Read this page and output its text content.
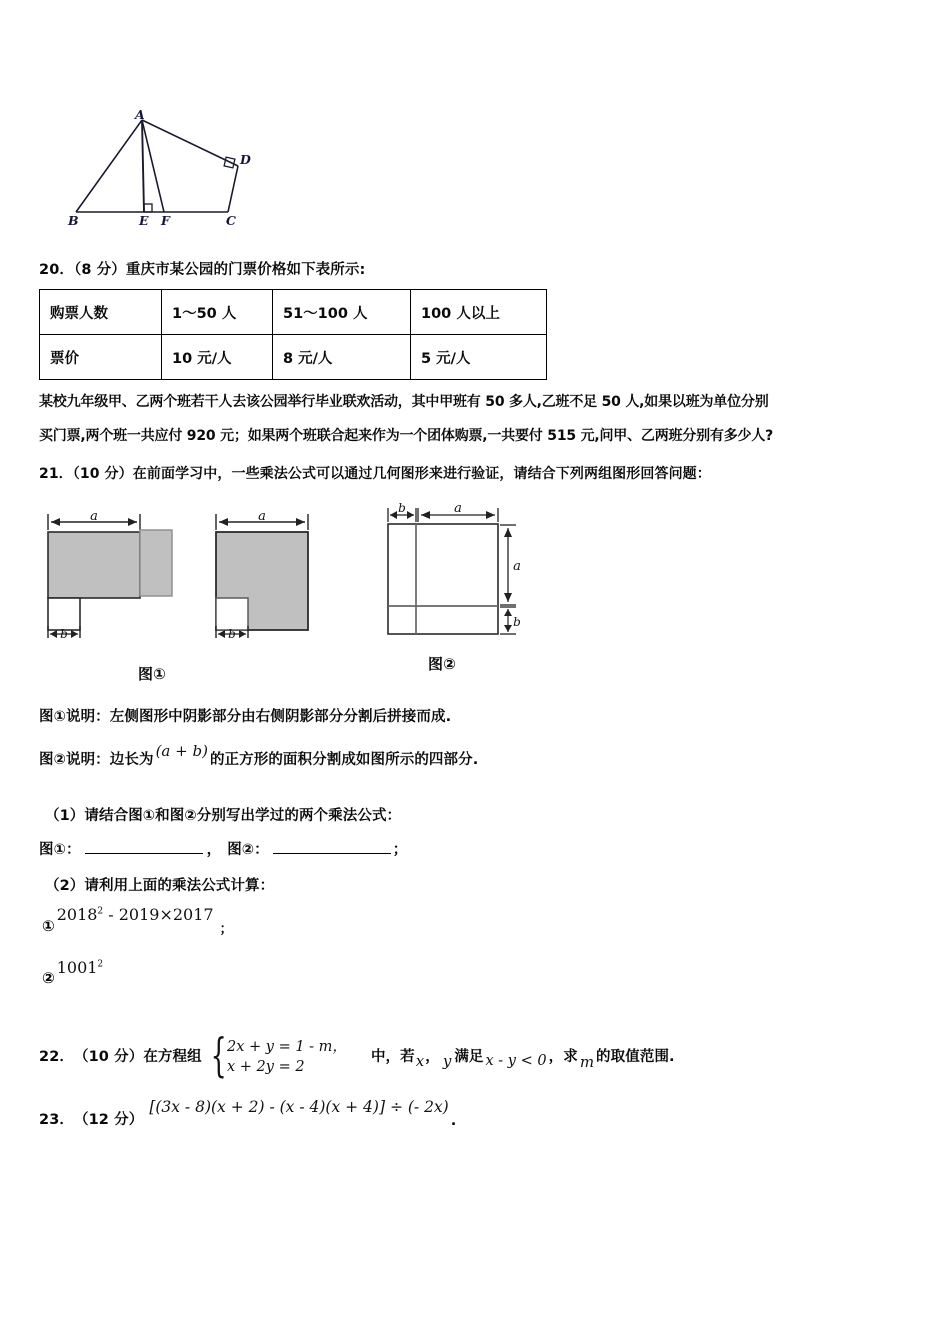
A
B	C
D
E F
20．（8 分）重庆市某公园的门票价格如下表所示:
购票人数	1～50 人	51～100 人	100 人以上
票价	10 元/人	8 元/人	5 元/人
某校九年级甲、乙两个班若干人去该公园举行毕业联欢活动，其中甲班有 50 多人,乙班不足 50 人,如果以班为单位分别
买门票,两个班一共应付 920 元；如果两个班联合起来作为一个团体购票,一共要付 515 元,问甲、乙两班分别有多少人?
21．（10 分）在前面学习中，一些乘法公式可以通过几何图形来进行验证，请结合下列两组图形回答问题：
a
b
a
b
b	a
a
b
图①
图②
图①说明：左侧图形中阴影部分由右侧阴影部分分割后拼接而成.
图②说明：边长为 (a + b) 的正方形的面积分割成如图所示的四部分.
（1）请结合图①和图②分别写出学过的两个乘法公式：
图①：	， 图②：	；
（2）请利用上面的乘法公式计算：
①
2018$^2$ - 2019×2017
；
②
1001$^2$
22． （10 分） 在方程组 { 2x + y = 1 - m，
x + 2y = 2
中，若 x ， y 满足 x - y < 0 ，求 m 的取值范围.
23． （12 分）
[(3x - 8)(x + 2) - (x - 4)(x + 4)] ÷ (- 2x)
.
